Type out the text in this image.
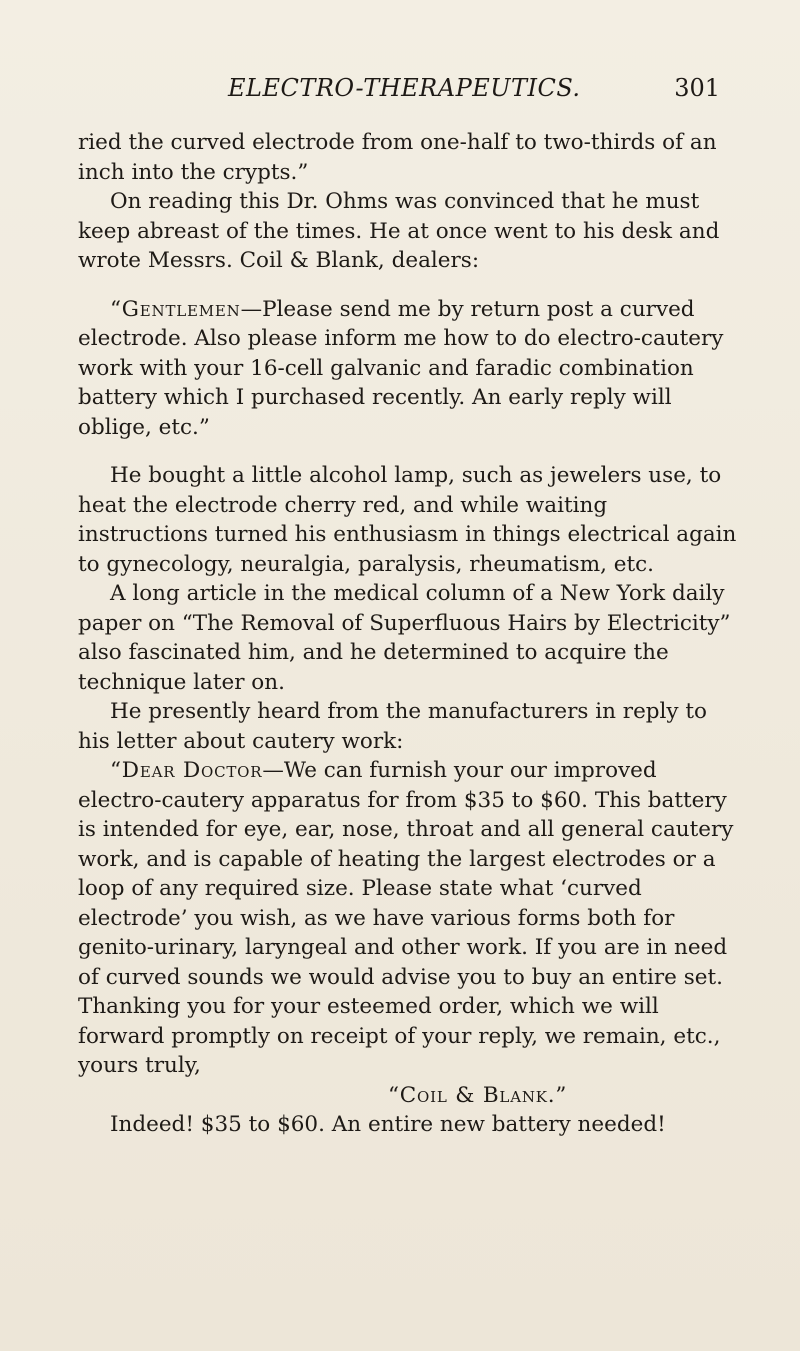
ELECTRO-THERAPEUTICS.	301

ried the curved electrode from one-half to two-thirds of an inch into the crypts.”

On reading this Dr. Ohms was convinced that he must keep abreast of the times. He at once went to his desk and wrote Messrs. Coil & Blank, dealers:

“Gentlemen—Please send me by return post a curved electrode. Also please inform me how to do electro-cautery work with your 16-cell galvanic and faradic combination battery which I purchased recently. An early reply will oblige, etc.”

He bought a little alcohol lamp, such as jewelers use, to heat the electrode cherry red, and while waiting instructions turned his enthusiasm in things electrical again to gynecology, neuralgia, paralysis, rheumatism, etc.

A long article in the medical column of a New York daily paper on “The Removal of Superfluous Hairs by Electricity” also fascinated him, and he determined to acquire the technique later on.

He presently heard from the manufacturers in reply to his letter about cautery work:

“Dear Doctor—We can furnish your our improved electro-cautery apparatus for from $35 to $60. This battery is intended for eye, ear, nose, throat and all general cautery work, and is capable of heating the largest electrodes or a loop of any required size. Please state what ‘curved electrode’ you wish, as we have various forms both for genito-urinary, laryngeal and other work. If you are in need of curved sounds we would advise you to buy an entire set. Thanking you for your esteemed order, which we will forward promptly on receipt of your reply, we remain, etc., yours truly,

“Coil & Blank.”

Indeed! $35 to $60. An entire new battery needed!
